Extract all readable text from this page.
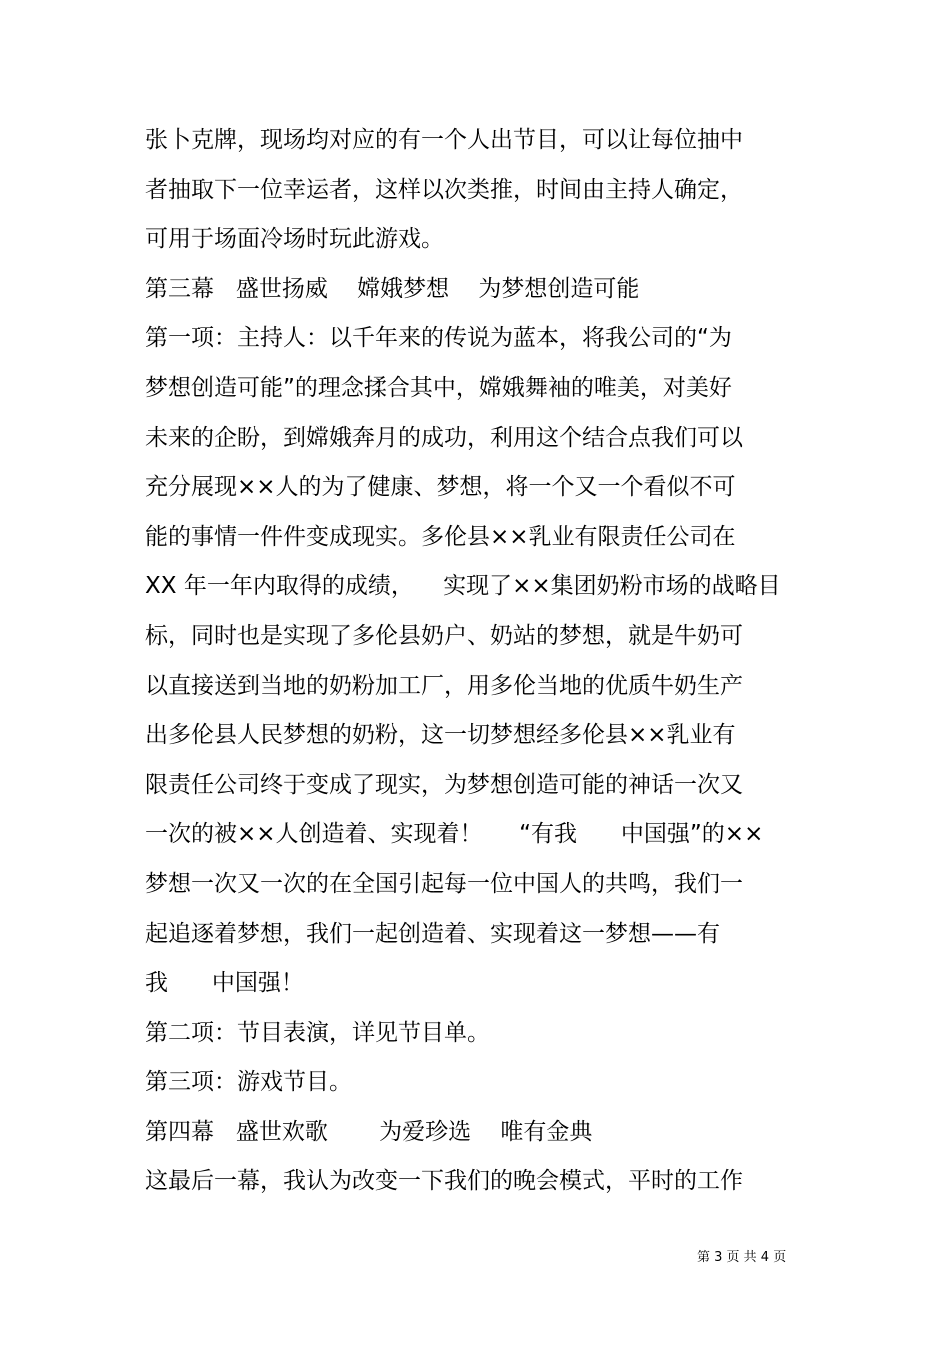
张卜克牌，现场均对应的有一个人出节目，可以让每位抽中
者抽取下一位幸运者，这样以次类推，时间由主持人确定，
可用于场面冷场时玩此游戏。
第三幕   盛世扬威    嫦娥梦想    为梦想创造可能
第一项：主持人：以千年来的传说为蓝本，将我公司的“为
梦想创造可能”的理念揉合其中，嫦娥舞袖的唯美，对美好
未来的企盼，到嫦娥奔月的成功，利用这个结合点我们可以
充分展现××人的为了健康、梦想，将一个又一个看似不可
能的事情一件件变成现实。多伦县××乳业有限责任公司在
XX 年一年内取得的成绩，    实现了××集团奶粉市场的战略目
标，同时也是实现了多伦县奶户、奶站的梦想，就是牛奶可
以直接送到当地的奶粉加工厂，用多伦当地的优质牛奶生产
出多伦县人民梦想的奶粉，这一切梦想经多伦县××乳业有
限责任公司终于变成了现实，为梦想创造可能的神话一次又
一次的被××人创造着、实现着！     “有我      中国强”的××
梦想一次又一次的在全国引起每一位中国人的共鸣，我们一
起追逐着梦想，我们一起创造着、实现着这一梦想——有
我      中国强！
第二项：节目表演，详见节目单。
第三项：游戏节目。
第四幕   盛世欢歌       为爱珍选    唯有金典
这最后一幕，我认为改变一下我们的晚会模式，平时的工作
第 3 页 共 4 页
